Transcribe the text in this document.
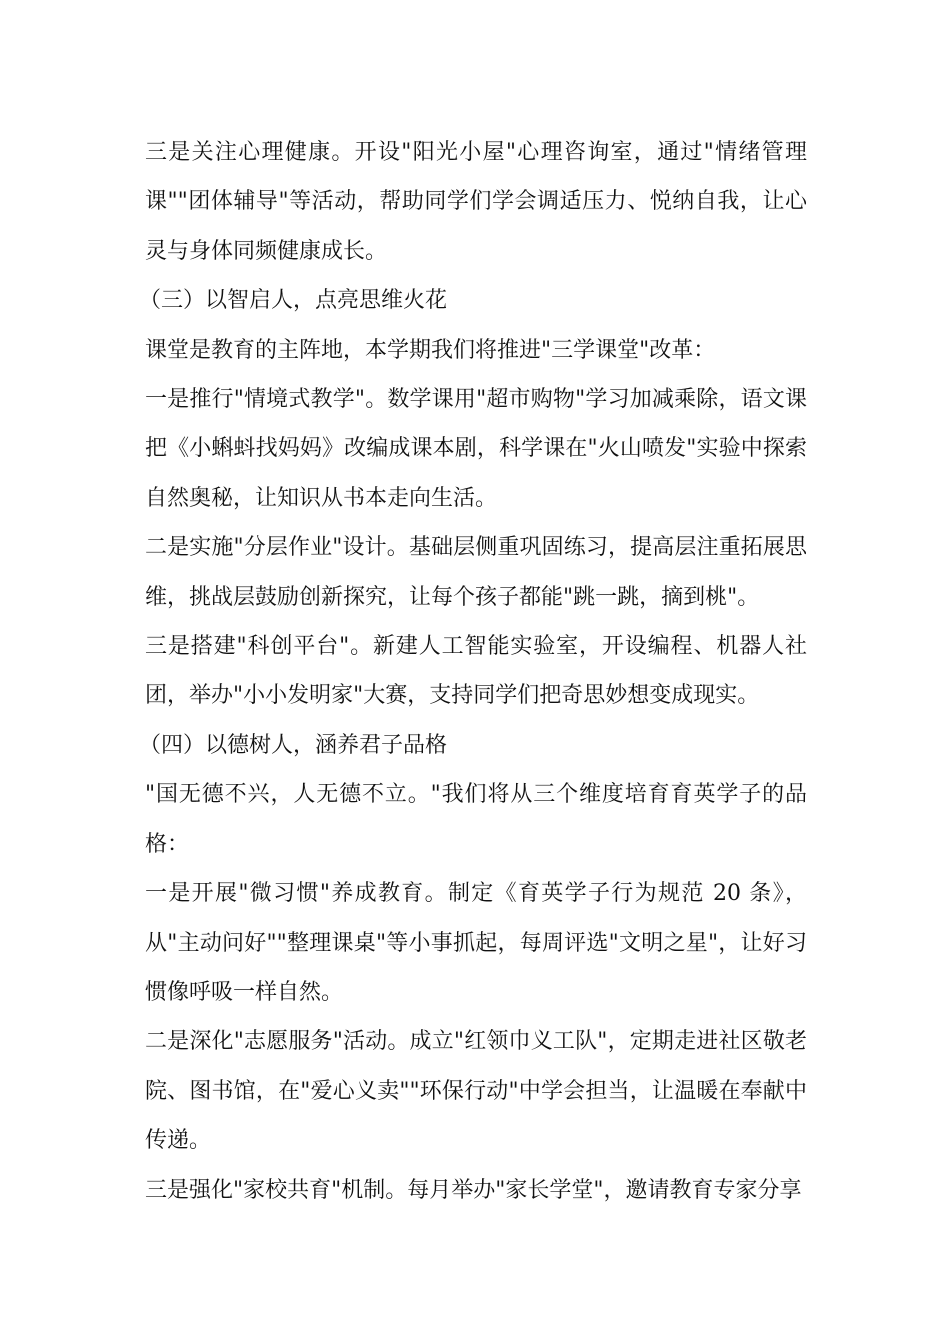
三是关注心理健康。开设"阳光小屋"心理咨询室，通过"情绪管理课""团体辅导"等活动，帮助同学们学会调适压力、悦纳自我，让心灵与身体同频健康成长。

（三）以智启人，点亮思维火花

课堂是教育的主阵地，本学期我们将推进"三学课堂"改革：

一是推行"情境式教学"。数学课用"超市购物"学习加减乘除，语文课把《小蝌蚪找妈妈》改编成课本剧，科学课在"火山喷发"实验中探索自然奥秘，让知识从书本走向生活。

二是实施"分层作业"设计。基础层侧重巩固练习，提高层注重拓展思维，挑战层鼓励创新探究，让每个孩子都能"跳一跳，摘到桃"。

三是搭建"科创平台"。新建人工智能实验室，开设编程、机器人社团，举办"小小发明家"大赛，支持同学们把奇思妙想变成现实。

（四）以德树人，涵养君子品格

"国无德不兴，人无德不立。"我们将从三个维度培育育英学子的品格：

一是开展"微习惯"养成教育。制定《育英学子行为规范 20 条》，从"主动问好""整理课桌"等小事抓起，每周评选"文明之星"，让好习惯像呼吸一样自然。

二是深化"志愿服务"活动。成立"红领巾义工队"，定期走进社区敬老院、图书馆，在"爱心义卖""环保行动"中学会担当，让温暖在奉献中传递。

三是强化"家校共育"机制。每月举办"家长学堂"，邀请教育专家分享
